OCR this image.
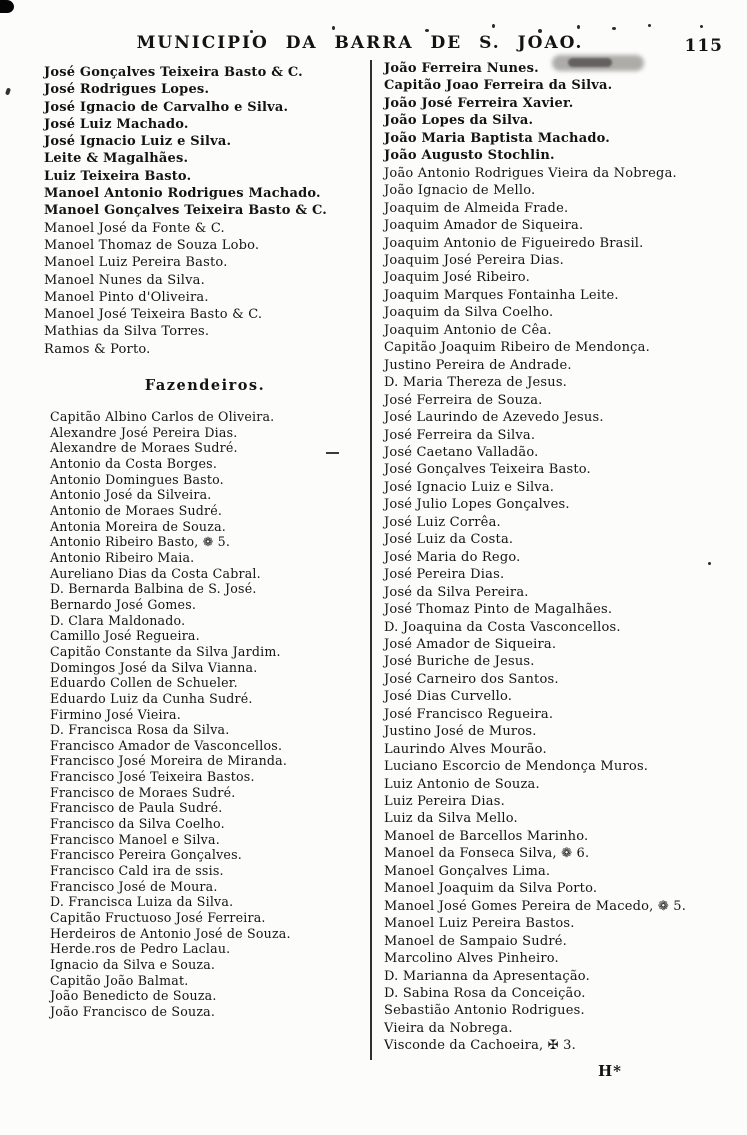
MUNICIPIO DA BARRA DE S. JOAO.	115
José Gonçalves Teixeira Basto & C.
José Rodrigues Lopes.
José Ignacio de Carvalho e Silva.
José Luiz Machado.
José Ignacio Luiz e Silva.
Leite & Magalhães.
Luiz Teixeira Basto.
Manoel Antonio Rodrigues Machado.
Manoel Gonçalves Teixeira Basto & C.
Manoel José da Fonte & C.
Manoel Thomaz de Souza Lobo.
Manoel Luiz Pereira Basto.
Manoel Nunes da Silva.
Manoel Pinto d'Oliveira.
Manoel José Teixeira Basto & C.
Mathias da Silva Torres.
Ramos & Porto.
Fazendeiros.
Capitão Albino Carlos de Oliveira.
Alexandre José Pereira Dias.
Alexandre de Moraes Sudré.
Antonio da Costa Borges.
Antonio Domingues Basto.
Antonio José da Silveira.
Antonio de Moraes Sudré.
Antonia Moreira de Souza.
Antonio Ribeiro Basto, ❁ 5.
Antonio Ribeiro Maia.
Aureliano Dias da Costa Cabral.
D. Bernarda Balbina de S. José.
Bernardo José Gomes.
D. Clara Maldonado.
Camillo José Regueira.
Capitão Constante da Silva Jardim.
Domingos José da Silva Vianna.
Eduardo Collen de Schueler.
Eduardo Luiz da Cunha Sudré.
Firmino José Vieira.
D. Francisca Rosa da Silva.
Francisco Amador de Vasconcellos.
Francisco José Moreira de Miranda.
Francisco José Teixeira Bastos.
Francisco de Moraes Sudré.
Francisco de Paula Sudré.
Francisco da Silva Coelho.
Francisco Manoel e Silva.
Francisco Pereira Gonçalves.
Francisco Cald ira de ssis.
Francisco José de Moura.
D. Francisca Luiza da Silva.
Capitão Fructuoso José Ferreira.
Herdeiros de Antonio José de Souza.
Herde.ros de Pedro Laclau.
Ignacio da Silva e Souza.
Capitão João Balmat.
João Benedicto de Souza.
João Francisco de Souza.
João Ferreira Nunes.
Capitão Joao Ferreira da Silva.
João José Ferreira Xavier.
João Lopes da Silva.
João Maria Baptista Machado.
João Augusto Stochlin.
João Antonio Rodrigues Vieira da Nobrega.
João Ignacio de Mello.
Joaquim de Almeida Frade.
Joaquim Amador de Siqueira.
Joaquim Antonio de Figueiredo Brasil.
Joaquim José Pereira Dias.
Joaquim José Ribeiro.
Joaquim Marques Fontainha Leite.
Joaquim da Silva Coelho.
Joaquim Antonio de Cêa.
Capitão Joaquim Ribeiro de Mendonça.
Justino Pereira de Andrade.
D. Maria Thereza de Jesus.
José Ferreira de Souza.
José Laurindo de Azevedo Jesus.
José Ferreira da Silva.
José Caetano Valladão.
José Gonçalves Teixeira Basto.
José Ignacio Luiz e Silva.
José Julio Lopes Gonçalves.
José Luiz Corrêa.
José Luiz da Costa.
José Maria do Rego.
José Pereira Dias.
José da Silva Pereira.
José Thomaz Pinto de Magalhães.
D. Joaquina da Costa Vasconcellos.
José Amador de Siqueira.
José Buriche de Jesus.
José Carneiro dos Santos.
José Dias Curvello.
José Francisco Regueira.
Justino José de Muros.
Laurindo Alves Mourão.
Luciano Escorcio de Mendonça Muros.
Luiz Antonio de Souza.
Luiz Pereira Dias.
Luiz da Silva Mello.
Manoel de Barcellos Marinho.
Manoel da Fonseca Silva, ❁ 6.
Manoel Gonçalves Lima.
Manoel Joaquim da Silva Porto.
Manoel José Gomes Pereira de Macedo, ❁ 5.
Manoel Luiz Pereira Bastos.
Manoel de Sampaio Sudré.
Marcolino Alves Pinheiro.
D. Marianna da Apresentação.
D. Sabina Rosa da Conceição.
Sebastião Antonio Rodrigues.
Vieira da Nobrega.
Visconde da Cachoeira, ✠ 3.
H*
